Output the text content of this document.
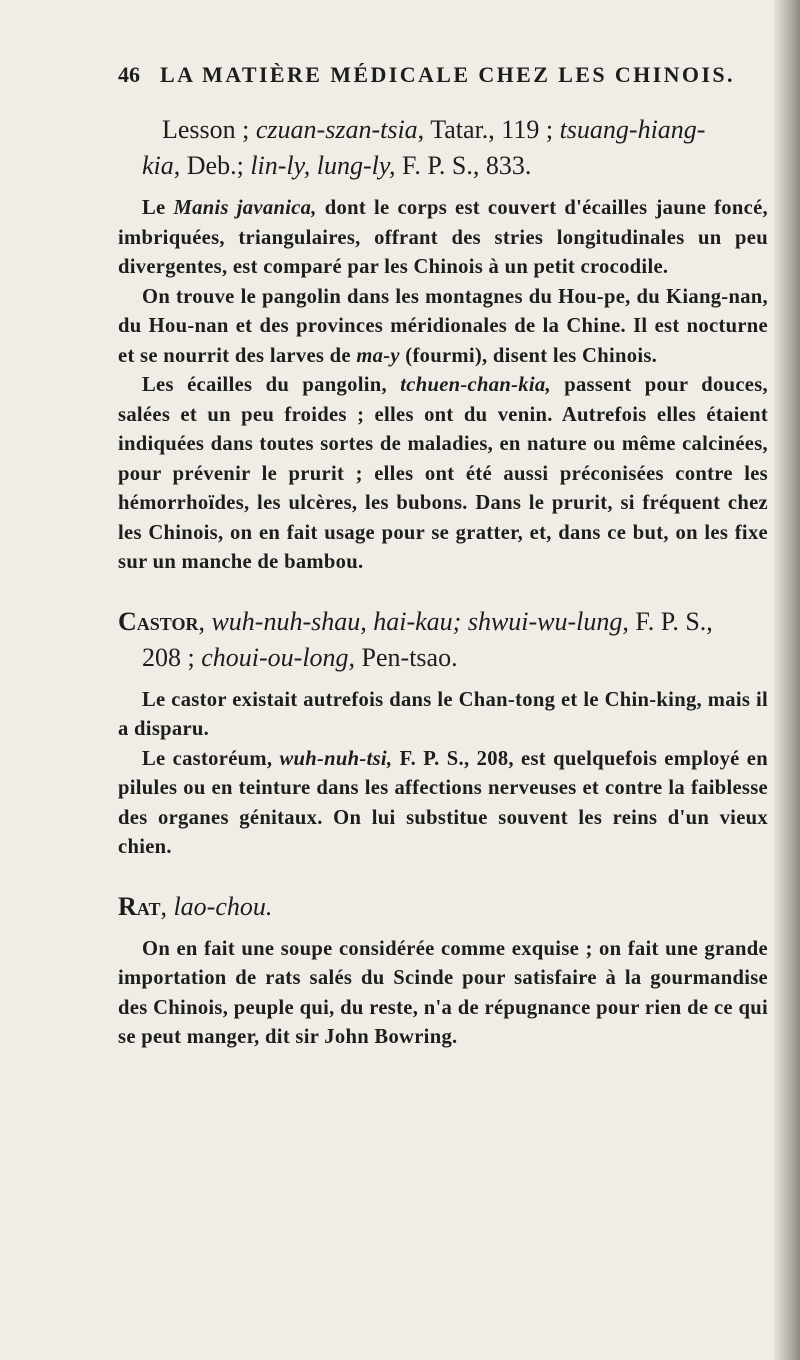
46 LA MATIÈRE MÉDICALE CHEZ LES CHINOIS.
Lesson ; czuan-szan-tsia, Tatar., 119 ; tsuang-hiang-
kia, Deb.; lin-ly, lung-ly, F. P. S., 833.

Le Manis javanica, dont le corps est couvert d'écailles jaune foncé, imbriquées, triangulaires, offrant des stries longitudinales un peu divergentes, est comparé par les Chinois à un petit crocodile.

On trouve le pangolin dans les montagnes du Hou-pe, du Kiang-nan, du Hou-nan et des provinces méridionales de la Chine. Il est nocturne et se nourrit des larves de ma-y (fourmi), disent les Chinois.

Les écailles du pangolin, tchuen-chan-kia, passent pour douces, salées et un peu froides ; elles ont du venin. Autrefois elles étaient indiquées dans toutes sortes de maladies, en nature ou même calcinées, pour prévenir le prurit ; elles ont été aussi préconisées contre les hémorrhoïdes, les ulcères, les bubons. Dans le prurit, si fréquent chez les Chinois, on en fait usage pour se gratter, et, dans ce but, on les fixe sur un manche de bambou.

Castor, wuh-nuh-shau, hai-kau; shwui-wu-lung, F. P. S.,
208 ; choui-ou-long, Pen-tsao.

Le castor existait autrefois dans le Chan-tong et le Chin-king, mais il a disparu.

Le castoréum, wuh-nuh-tsi, F. P. S., 208, est quelquefois employé en pilules ou en teinture dans les affections nerveuses et contre la faiblesse des organes génitaux. On lui substitue souvent les reins d'un vieux chien.

Rat, lao-chou.

On en fait une soupe considérée comme exquise ; on fait une grande importation de rats salés du Scinde pour satisfaire à la gourmandise des Chinois, peuple qui, du reste, n'a de répugnance pour rien de ce qui se peut manger, dit sir John Bowring.
